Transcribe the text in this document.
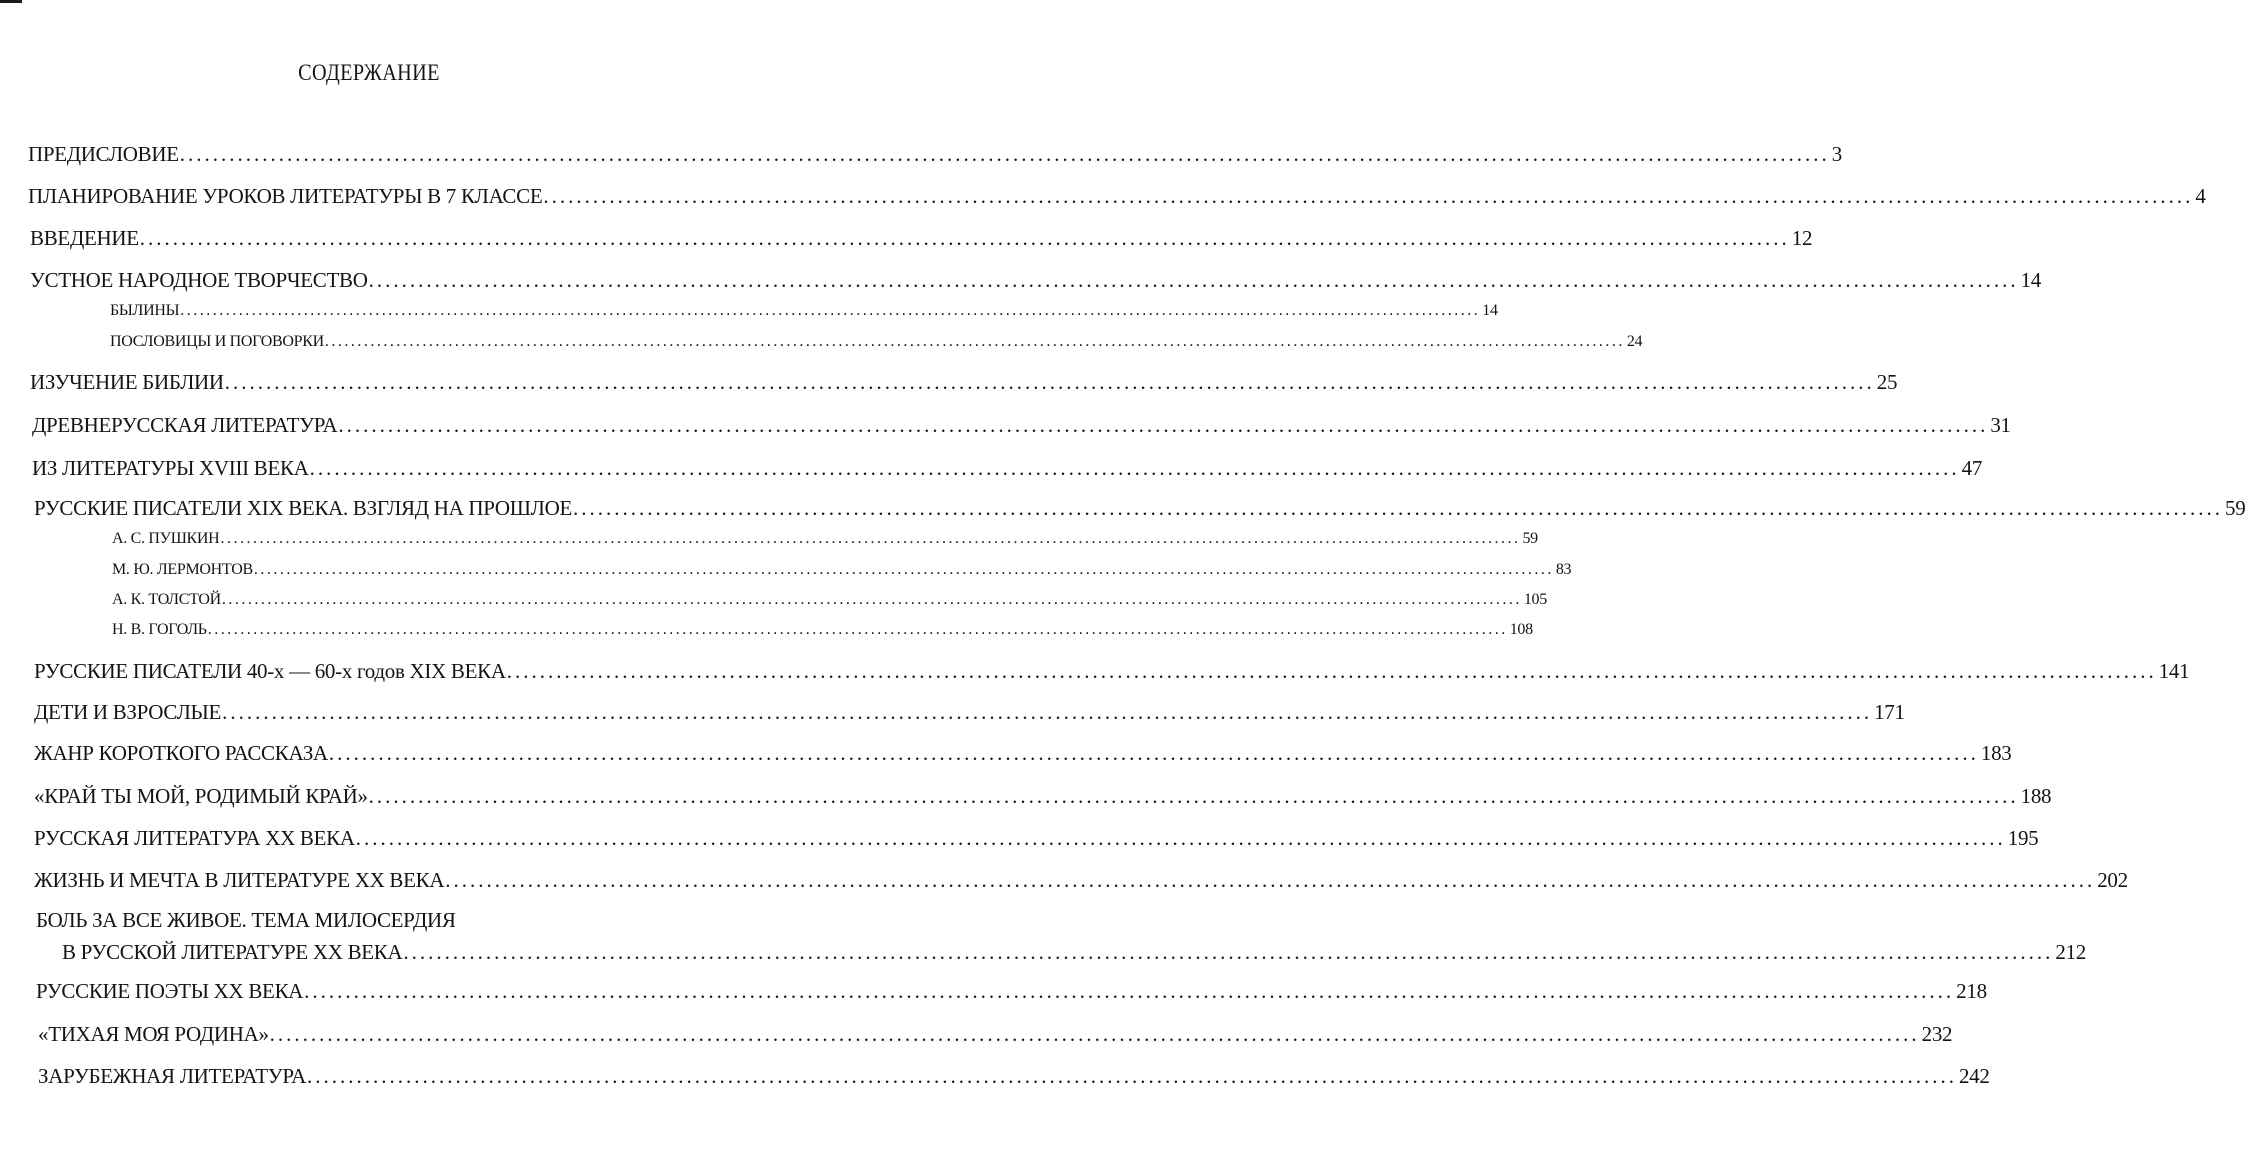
СОДЕРЖАНИЕ
ПРЕДИСЛОВИЕ ........................................................................................................................................................................................................ 3
ПЛАНИРОВАНИЕ УРОКОВ ЛИТЕРАТУРЫ В 7 КЛАССЕ ........................................................................................................................................................................................................ 4
ВВЕДЕНИЕ ........................................................................................................................................................................................................ 12
УСТНОЕ НАРОДНОЕ ТВОРЧЕСТВО ........................................................................................................................................................................................................ 14
БЫЛИНЫ ........................................................................................................................................................................................................ 14
ПОСЛОВИЦЫ И ПОГОВОРКИ ........................................................................................................................................................................................................ 24
ИЗУЧЕНИЕ БИБЛИИ ........................................................................................................................................................................................................ 25
ДРЕВНЕРУССКАЯ ЛИТЕРАТУРА ........................................................................................................................................................................................................ 31
ИЗ ЛИТЕРАТУРЫ XVIII ВЕКА ........................................................................................................................................................................................................ 47
РУССКИЕ ПИСАТЕЛИ XIX ВЕКА. ВЗГЛЯД НА ПРОШЛОЕ ........................................................................................................................................................................................................ 59
А. С. ПУШКИН ........................................................................................................................................................................................................ 59
М. Ю. ЛЕРМОНТОВ ........................................................................................................................................................................................................ 83
А. К. ТОЛСТОЙ ........................................................................................................................................................................................................ 105
Н. В. ГОГОЛЬ ........................................................................................................................................................................................................ 108
РУССКИЕ ПИСАТЕЛИ 40-х — 60-х годов XIX ВЕКА ........................................................................................................................................................................................................ 141
ДЕТИ И ВЗРОСЛЫЕ ........................................................................................................................................................................................................ 171
ЖАНР КОРОТКОГО РАССКАЗА ........................................................................................................................................................................................................ 183
«КРАЙ ТЫ МОЙ, РОДИМЫЙ КРАЙ» ........................................................................................................................................................................................................ 188
РУССКАЯ ЛИТЕРАТУРА XX ВЕКА ........................................................................................................................................................................................................ 195
ЖИЗНЬ И МЕЧТА В ЛИТЕРАТУРЕ XX ВЕКА ........................................................................................................................................................................................................ 202
БОЛЬ ЗА ВСЕ ЖИВОЕ. ТЕМА МИЛОСЕРДИЯ
В РУССКОЙ ЛИТЕРАТУРЕ XX ВЕКА ........................................................................................................................................................................................................ 212
РУССКИЕ ПОЭТЫ XX ВЕКА ........................................................................................................................................................................................................ 218
«ТИХАЯ МОЯ РОДИНА» ........................................................................................................................................................................................................ 232
ЗАРУБЕЖНАЯ ЛИТЕРАТУРА ........................................................................................................................................................................................................ 242
